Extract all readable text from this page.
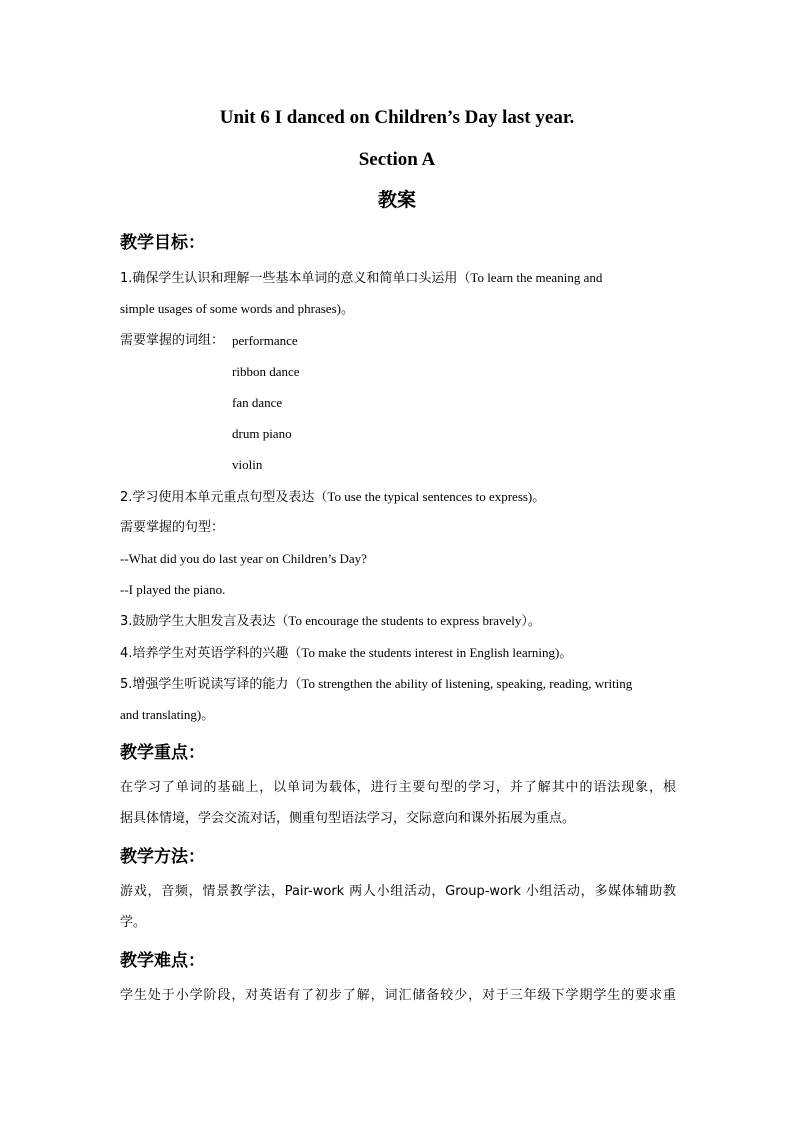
Unit 6 I danced on Children’s Day last year.
Section A
教案
教学目标：
1.确保学生认识和理解一些基本单词的意义和简单口头运用（To learn the meaning and
simple usages of some words and phrases)。
需要掌握的词组： performance
ribbon dance
fan dance
drum piano
violin
2.学习使用本单元重点句型及表达（To use the typical sentences to express)。
需要掌握的句型：
--What did you do last year on Children’s Day?
--I played the piano.
3.鼓励学生大胆发言及表达（To encourage the students to express bravely）。
4.培养学生对英语学科的兴趣（To make the students interest in English learning)。
5.增强学生听说读写译的能力（To strengthen the ability of listening, speaking, reading, writing
and translating)。
教学重点：
在学习了单词的基础上，以单词为载体，进行主要句型的学习，并了解其中的语法现象，根
据具体情境，学会交流对话，侧重句型语法学习，交际意向和课外拓展为重点。
教学方法：
游戏，音频，情景教学法，Pair-work 两人小组活动，Group-work 小组活动，多媒体辅助教
学。
教学难点：
学生处于小学阶段，对英语有了初步了解，词汇储备较少，对于三年级下学期学生的要求重
